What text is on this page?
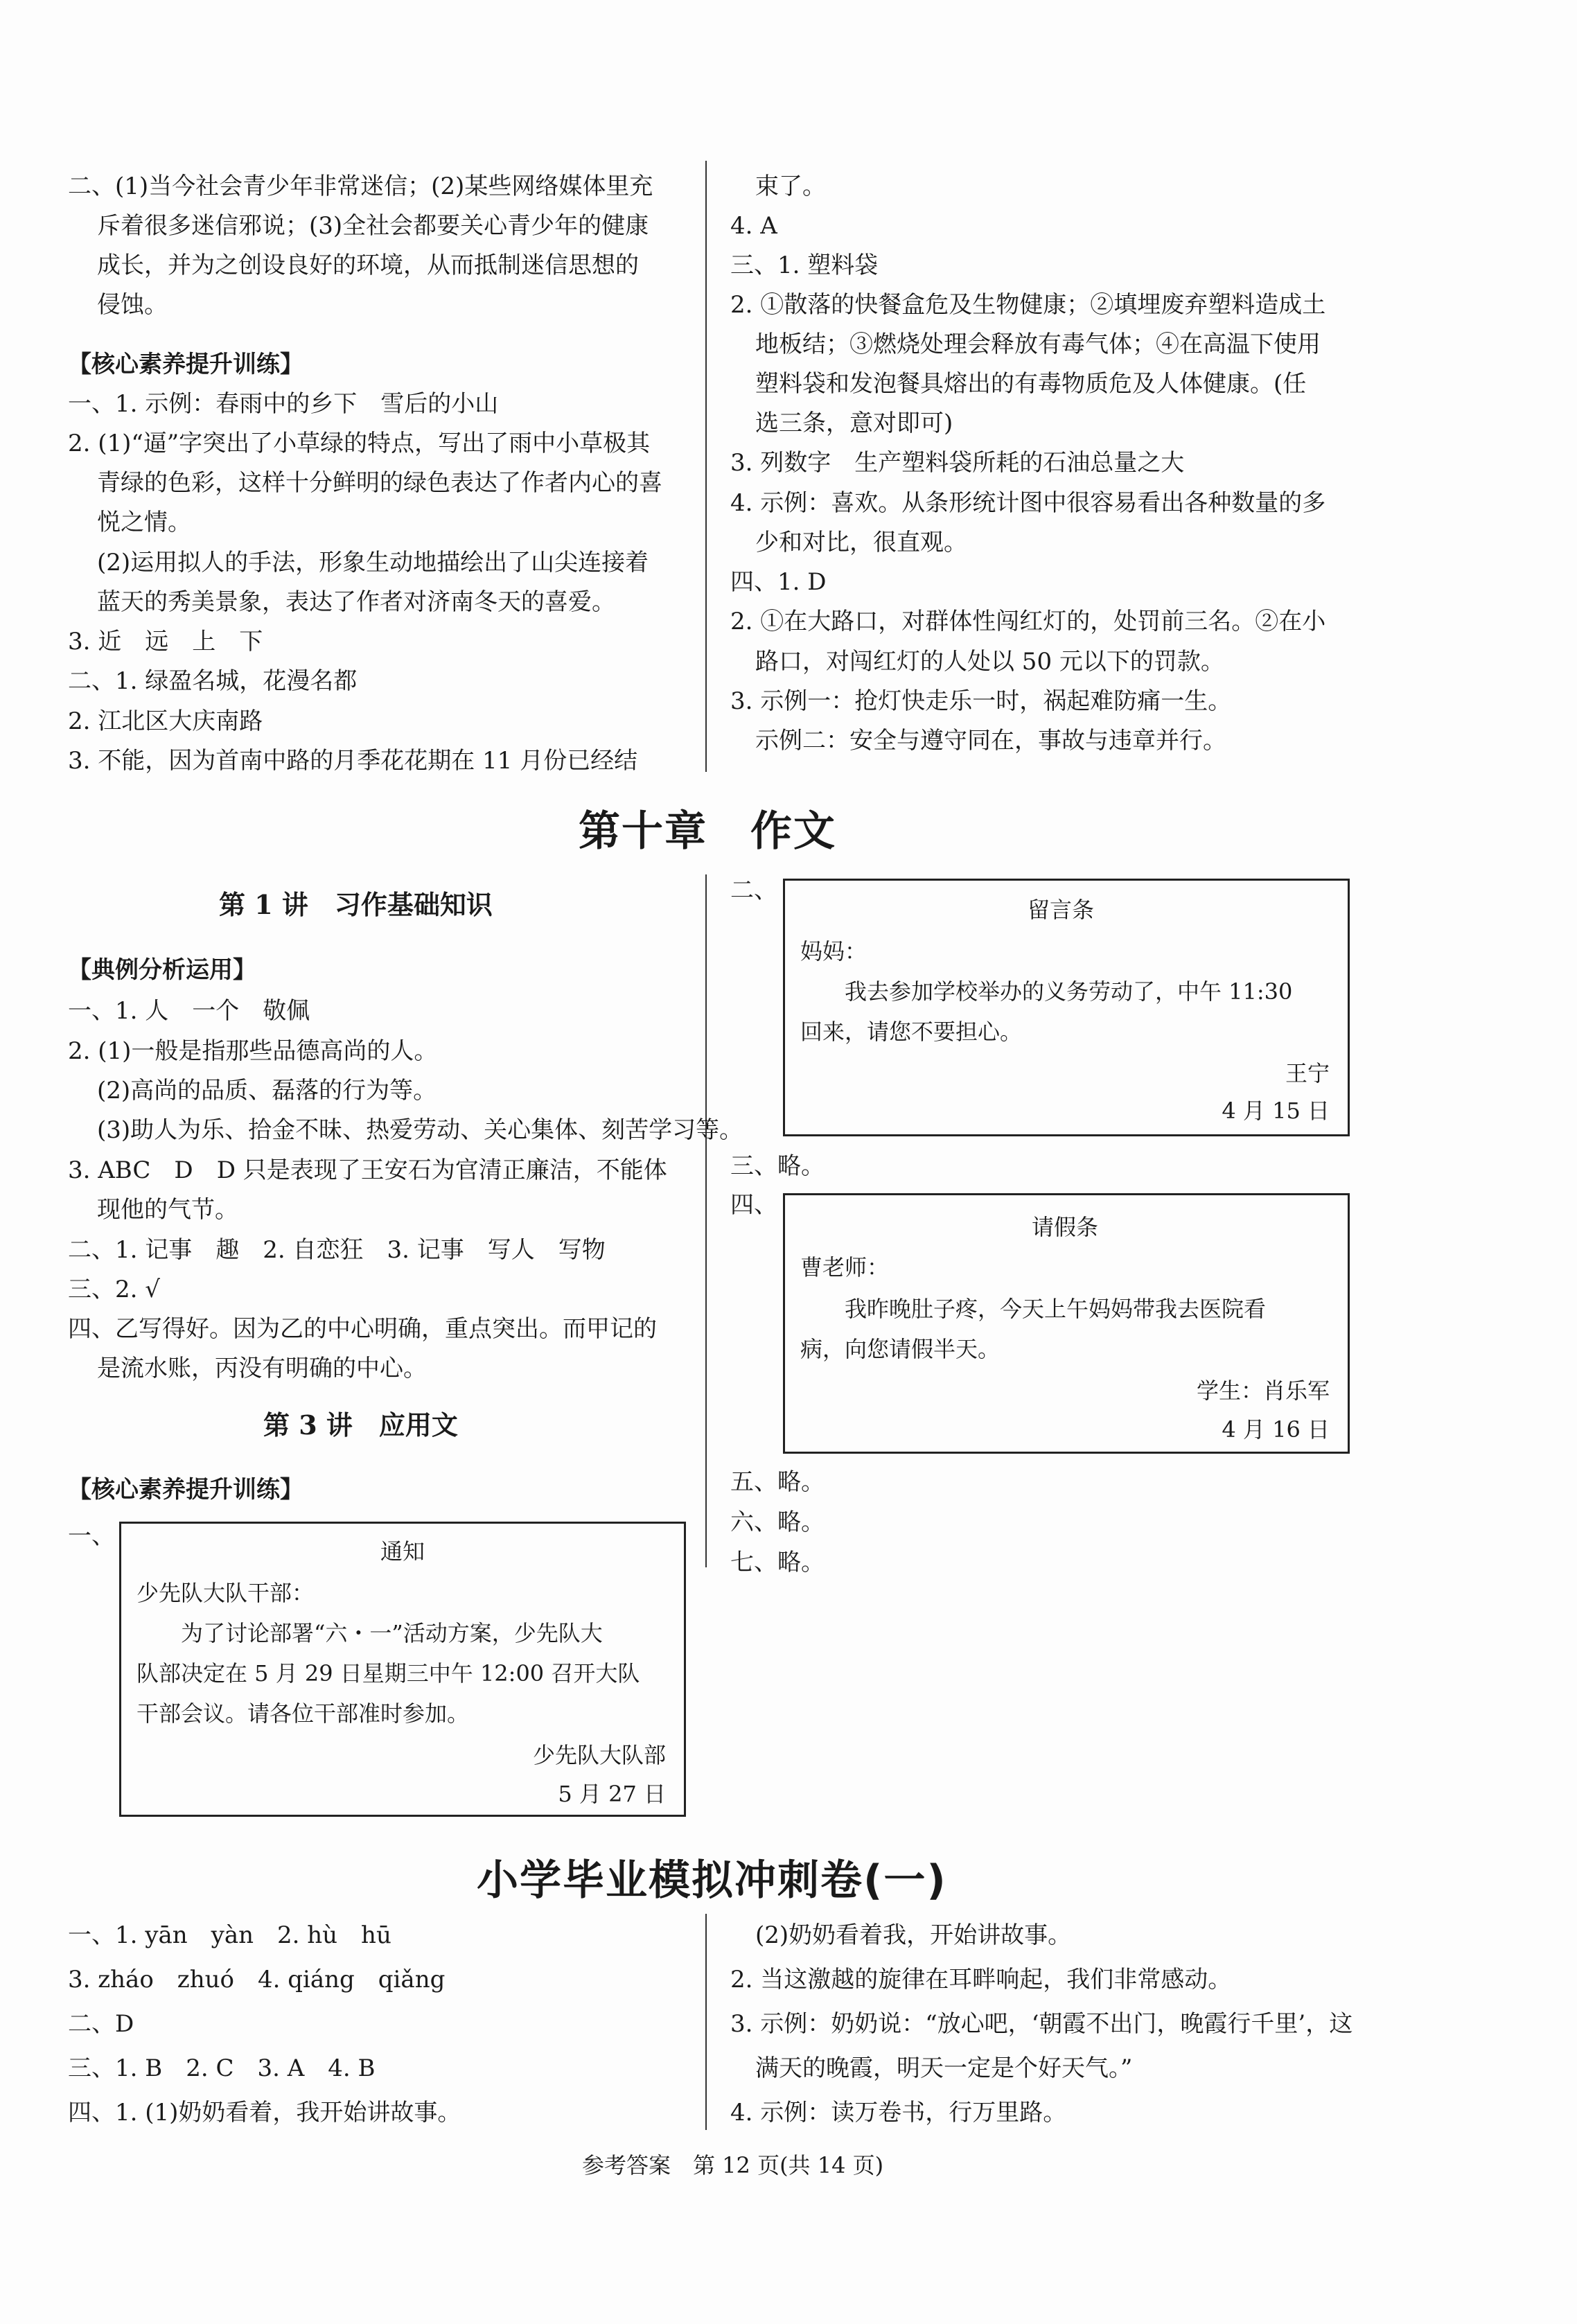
二、(1)当今社会青少年非常迷信；(2)某些网络媒体里充
斥着很多迷信邪说；(3)全社会都要关心青少年的健康
成长，并为之创设良好的环境，从而抵制迷信思想的
侵蚀。
【核心素养提升训练】
一、1. 示例：春雨中的乡下　雪后的小山
2. (1)“逼”字突出了小草绿的特点，写出了雨中小草极其
青绿的色彩，这样十分鲜明的绿色表达了作者内心的喜
悦之情。
(2)运用拟人的手法，形象生动地描绘出了山尖连接着
蓝天的秀美景象，表达了作者对济南冬天的喜爱。
3. 近　远　上　下
二、1. 绿盈名城，花漫名都
2. 江北区大庆南路
3. 不能，因为首南中路的月季花花期在 11 月份已经结
束了。
4. A
三、1. 塑料袋
2. ①散落的快餐盒危及生物健康；②填埋废弃塑料造成土
地板结；③燃烧处理会释放有毒气体；④在高温下使用
塑料袋和发泡餐具熔出的有毒物质危及人体健康。(任
选三条，意对即可)
3. 列数字　生产塑料袋所耗的石油总量之大
4. 示例：喜欢。从条形统计图中很容易看出各种数量的多
少和对比，很直观。
四、1. D
2. ①在大路口，对群体性闯红灯的，处罚前三名。②在小
路口，对闯红灯的人处以 50 元以下的罚款。
3. 示例一：抢灯快走乐一时，祸起难防痛一生。
示例二：安全与遵守同在，事故与违章并行。
第十章　作文
第 1 讲　习作基础知识
【典例分析运用】
一、1. 人　一个　敬佩
2. (1)一般是指那些品德高尚的人。
(2)高尚的品质、磊落的行为等。
(3)助人为乐、拾金不昧、热爱劳动、关心集体、刻苦学习等。
3. ABC　D　D 只是表现了王安石为官清正廉洁，不能体
现他的气节。
二、1. 记事　趣　2. 自恋狂　3. 记事　写人　写物
三、2. √
四、乙写得好。因为乙的中心明确，重点突出。而甲记的
是流水账，丙没有明确的中心。
第 3 讲　应用文
【核心素养提升训练】
一、
通知
少先队大队干部：
为了讨论部署“六・一”活动方案，少先队大
队部决定在 5 月 29 日星期三中午 12:00 召开大队
干部会议。请各位干部准时参加。
少先队大队部
5 月 27 日
二、
留言条
妈妈：
我去参加学校举办的义务劳动了，中午 11:30
回来，请您不要担心。
王宁
4 月 15 日
三、略。
四、
请假条
曹老师：
我昨晚肚子疼，今天上午妈妈带我去医院看
病，向您请假半天。
学生：肖乐军
4 月 16 日
五、略。
六、略。
七、略。
小学毕业模拟冲刺卷(一)
一、1. yān　yàn　2. hù　hū
3. zháo　zhuó　4. qiáng　qiǎng
二、D
三、1. B　2. C　3. A　4. B
四、1. (1)奶奶看着，我开始讲故事。
(2)奶奶看着我，开始讲故事。
2. 当这激越的旋律在耳畔响起，我们非常感动。
3. 示例：奶奶说：“放心吧，‘朝霞不出门，晚霞行千里’，这
满天的晚霞，明天一定是个好天气。”
4. 示例：读万卷书，行万里路。
参考答案　第 12 页(共 14 页)
